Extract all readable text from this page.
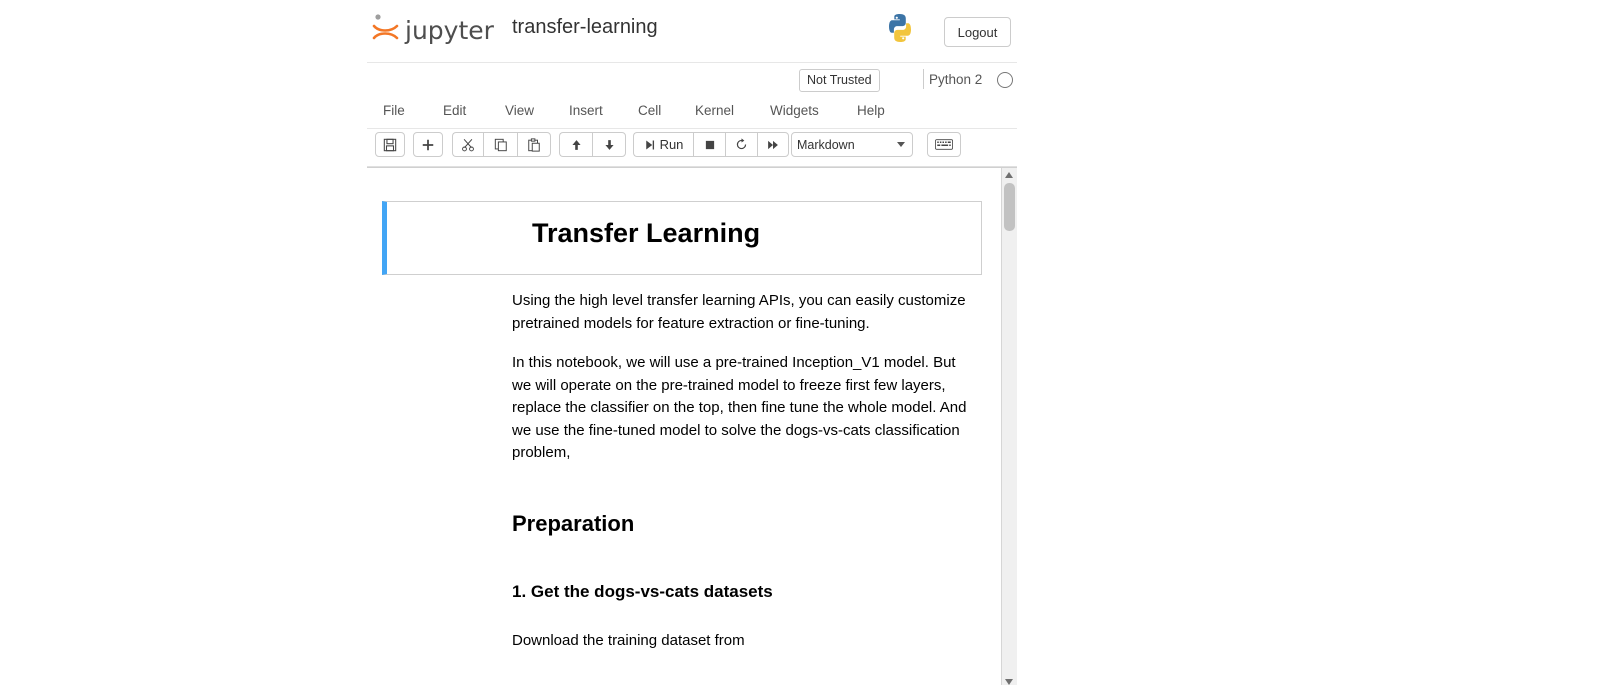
jupyter transfer-learning	Logout
Not Trusted	Python 2
File	Edit	View	Insert	Cell	Kernel	Widgets	Help
Run	Markdown
Transfer Learning
Using the high level transfer learning APIs, you can easily customize pretrained models for feature extraction or fine-tuning.
In this notebook, we will use a pre-trained Inception_V1 model. But we will operate on the pre-trained model to freeze first few layers, replace the classifier on the top, then fine tune the whole model. And we use the fine-tuned model to solve the dogs-vs-cats classification problem,
Preparation
1. Get the dogs-vs-cats datasets
Download the training dataset from
